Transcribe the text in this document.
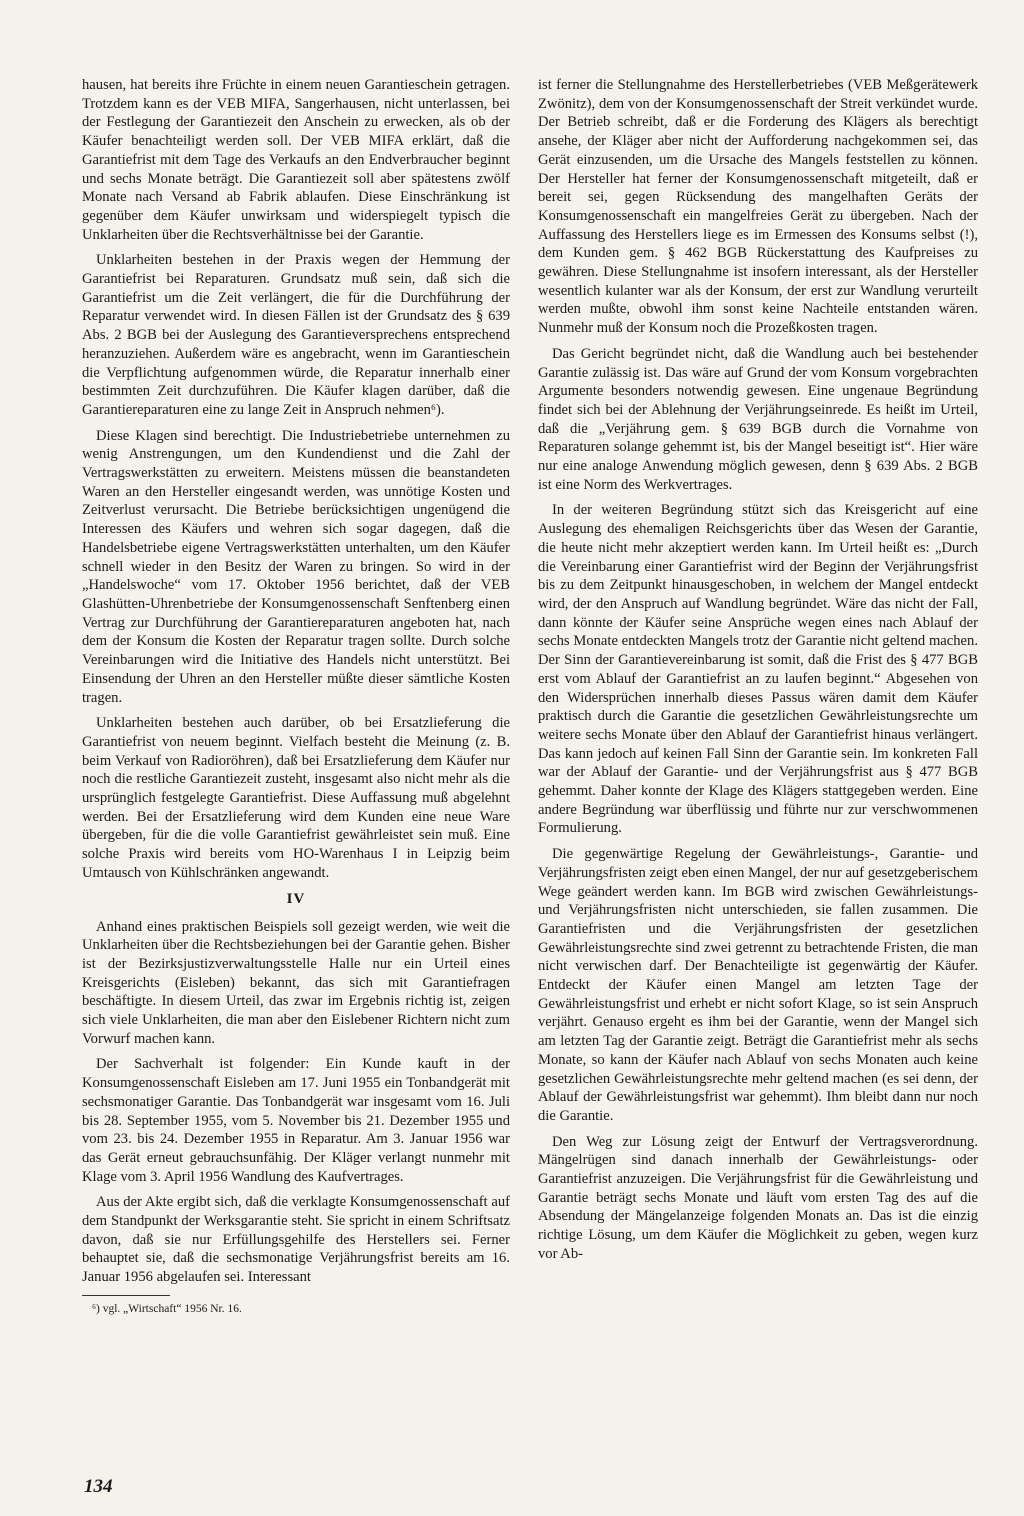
hausen, hat bereits ihre Früchte in einem neuen Garantieschein getragen. Trotzdem kann es der VEB MIFA, Sangerhausen, nicht unterlassen, bei der Festlegung der Garantiezeit den Anschein zu erwecken, als ob der Käufer benachteiligt werden soll. Der VEB MIFA erklärt, daß die Garantiefrist mit dem Tage des Verkaufs an den Endverbraucher beginnt und sechs Monate beträgt. Die Garantiezeit soll aber spätestens zwölf Monate nach Versand ab Fabrik ablaufen. Diese Einschränkung ist gegenüber dem Käufer unwirksam und widerspiegelt typisch die Unklarheiten über die Rechtsverhältnisse bei der Garantie.

Unklarheiten bestehen in der Praxis wegen der Hemmung der Garantiefrist bei Reparaturen. Grundsatz muß sein, daß sich die Garantiefrist um die Zeit verlängert, die für die Durchführung der Reparatur verwendet wird. In diesen Fällen ist der Grundsatz des § 639 Abs. 2 BGB bei der Auslegung des Garantieversprechens entsprechend heranzuziehen. Außerdem wäre es angebracht, wenn im Garantieschein die Verpflichtung aufgenommen würde, die Reparatur innerhalb einer bestimmten Zeit durchzuführen. Die Käufer klagen darüber, daß die Garantiereparaturen eine zu lange Zeit in Anspruch nehmen⁶).

Diese Klagen sind berechtigt. Die Industriebetriebe unternehmen zu wenig Anstrengungen, um den Kundendienst und die Zahl der Vertragswerkstätten zu erweitern. Meistens müssen die beanstandeten Waren an den Hersteller eingesandt werden, was unnötige Kosten und Zeitverlust verursacht. Die Betriebe berücksichtigen ungenügend die Interessen des Käufers und wehren sich sogar dagegen, daß die Handelsbetriebe eigene Vertragswerkstätten unterhalten, um den Käufer schnell wieder in den Besitz der Waren zu bringen. So wird in der „Handelswoche“ vom 17. Oktober 1956 berichtet, daß der VEB Glashütten-Uhrenbetriebe der Konsumgenossenschaft Senftenberg einen Vertrag zur Durchführung der Garantiereparaturen angeboten hat, nach dem der Konsum die Kosten der Reparatur tragen sollte. Durch solche Vereinbarungen wird die Initiative des Handels nicht unterstützt. Bei Einsendung der Uhren an den Hersteller müßte dieser sämtliche Kosten tragen.

Unklarheiten bestehen auch darüber, ob bei Ersatzlieferung die Garantiefrist von neuem beginnt. Vielfach besteht die Meinung (z. B. beim Verkauf von Radioröhren), daß bei Ersatzlieferung dem Käufer nur noch die restliche Garantiezeit zusteht, insgesamt also nicht mehr als die ursprünglich festgelegte Garantiefrist. Diese Auffassung muß abgelehnt werden. Bei der Ersatzlieferung wird dem Kunden eine neue Ware übergeben, für die die volle Garantiefrist gewährleistet sein muß. Eine solche Praxis wird bereits vom HO-Warenhaus I in Leipzig beim Umtausch von Kühlschränken angewandt.

IV

Anhand eines praktischen Beispiels soll gezeigt werden, wie weit die Unklarheiten über die Rechtsbeziehungen bei der Garantie gehen. Bisher ist der Bezirksjustizverwaltungsstelle Halle nur ein Urteil eines Kreisgerichts (Eisleben) bekannt, das sich mit Garantiefragen beschäftigte. In diesem Urteil, das zwar im Ergebnis richtig ist, zeigen sich viele Unklarheiten, die man aber den Eislebener Richtern nicht zum Vorwurf machen kann.

Der Sachverhalt ist folgender: Ein Kunde kauft in der Konsumgenossenschaft Eisleben am 17. Juni 1955 ein Tonbandgerät mit sechsmonatiger Garantie. Das Tonbandgerät war insgesamt vom 16. Juli bis 28. September 1955, vom 5. November bis 21. Dezember 1955 und vom 23. bis 24. Dezember 1955 in Reparatur. Am 3. Januar 1956 war das Gerät erneut gebrauchsunfähig. Der Kläger verlangt nunmehr mit Klage vom 3. April 1956 Wandlung des Kaufvertrages.

Aus der Akte ergibt sich, daß die verklagte Konsumgenossenschaft auf dem Standpunkt der Werksgarantie steht. Sie spricht in einem Schriftsatz davon, daß sie nur Erfüllungsgehilfe des Herstellers sei. Ferner behauptet sie, daß die sechsmonatige Verjährungsfrist bereits am 16. Januar 1956 abgelaufen sei. Interessant

⁶) vgl. „Wirtschaft“ 1956 Nr. 16.

ist ferner die Stellungnahme des Herstellerbetriebes (VEB Meßgerätewerk Zwönitz), dem von der Konsumgenossenschaft der Streit verkündet wurde. Der Betrieb schreibt, daß er die Forderung des Klägers als berechtigt ansehe, der Kläger aber nicht der Aufforderung nachgekommen sei, das Gerät einzusenden, um die Ursache des Mangels feststellen zu können. Der Hersteller hat ferner der Konsumgenossenschaft mitgeteilt, daß er bereit sei, gegen Rücksendung des mangelhaften Geräts der Konsumgenossenschaft ein mangelfreies Gerät zu übergeben. Nach der Auffassung des Herstellers liege es im Ermessen des Konsums selbst (!), dem Kunden gem. § 462 BGB Rückerstattung des Kaufpreises zu gewähren. Diese Stellungnahme ist insofern interessant, als der Hersteller wesentlich kulanter war als der Konsum, der erst zur Wandlung verurteilt werden mußte, obwohl ihm sonst keine Nachteile entstanden wären. Nunmehr muß der Konsum noch die Prozeßkosten tragen.

Das Gericht begründet nicht, daß die Wandlung auch bei bestehender Garantie zulässig ist. Das wäre auf Grund der vom Konsum vorgebrachten Argumente besonders notwendig gewesen. Eine ungenaue Begründung findet sich bei der Ablehnung der Verjährungseinrede. Es heißt im Urteil, daß die „Verjährung gem. § 639 BGB durch die Vornahme von Reparaturen solange gehemmt ist, bis der Mangel beseitigt ist“. Hier wäre nur eine analoge Anwendung möglich gewesen, denn § 639 Abs. 2 BGB ist eine Norm des Werkvertrages.

In der weiteren Begründung stützt sich das Kreisgericht auf eine Auslegung des ehemaligen Reichsgerichts über das Wesen der Garantie, die heute nicht mehr akzeptiert werden kann. Im Urteil heißt es: „Durch die Vereinbarung einer Garantiefrist wird der Beginn der Verjährungsfrist bis zu dem Zeitpunkt hinausgeschoben, in welchem der Mangel entdeckt wird, der den Anspruch auf Wandlung begründet. Wäre das nicht der Fall, dann könnte der Käufer seine Ansprüche wegen eines nach Ablauf der sechs Monate entdeckten Mangels trotz der Garantie nicht geltend machen. Der Sinn der Garantievereinbarung ist somit, daß die Frist des § 477 BGB erst vom Ablauf der Garantiefrist an zu laufen beginnt.“ Abgesehen von den Widersprüchen innerhalb dieses Passus wären damit dem Käufer praktisch durch die Garantie die gesetzlichen Gewährleistungsrechte um weitere sechs Monate über den Ablauf der Garantiefrist hinaus verlängert. Das kann jedoch auf keinen Fall Sinn der Garantie sein. Im konkreten Fall war der Ablauf der Garantie- und der Verjährungsfrist aus § 477 BGB gehemmt. Daher konnte der Klage des Klägers stattgegeben werden. Eine andere Begründung war überflüssig und führte nur zur verschwommenen Formulierung.

Die gegenwärtige Regelung der Gewährleistungs-, Garantie- und Verjährungsfristen zeigt eben einen Mangel, der nur auf gesetzgeberischem Wege geändert werden kann. Im BGB wird zwischen Gewährleistungs- und Verjährungsfristen nicht unterschieden, sie fallen zusammen. Die Garantiefristen und die Verjährungsfristen der gesetzlichen Gewährleistungsrechte sind zwei getrennt zu betrachtende Fristen, die man nicht verwischen darf. Der Benachteiligte ist gegenwärtig der Käufer. Entdeckt der Käufer einen Mangel am letzten Tage der Gewährleistungsfrist und erhebt er nicht sofort Klage, so ist sein Anspruch verjährt. Genauso ergeht es ihm bei der Garantie, wenn der Mangel sich am letzten Tag der Garantie zeigt. Beträgt die Garantiefrist mehr als sechs Monate, so kann der Käufer nach Ablauf von sechs Monaten auch keine gesetzlichen Gewährleistungsrechte mehr geltend machen (es sei denn, der Ablauf der Gewährleistungsfrist war gehemmt). Ihm bleibt dann nur noch die Garantie.

Den Weg zur Lösung zeigt der Entwurf der Vertragsverordnung. Mängelrügen sind danach innerhalb der Gewährleistungs- oder Garantiefrist anzuzeigen. Die Verjährungsfrist für die Gewährleistung und Garantie beträgt sechs Monate und läuft vom ersten Tag des auf die Absendung der Mängelanzeige folgenden Monats an. Das ist die einzig richtige Lösung, um dem Käufer die Möglichkeit zu geben, wegen kurz vor Ab-

134
